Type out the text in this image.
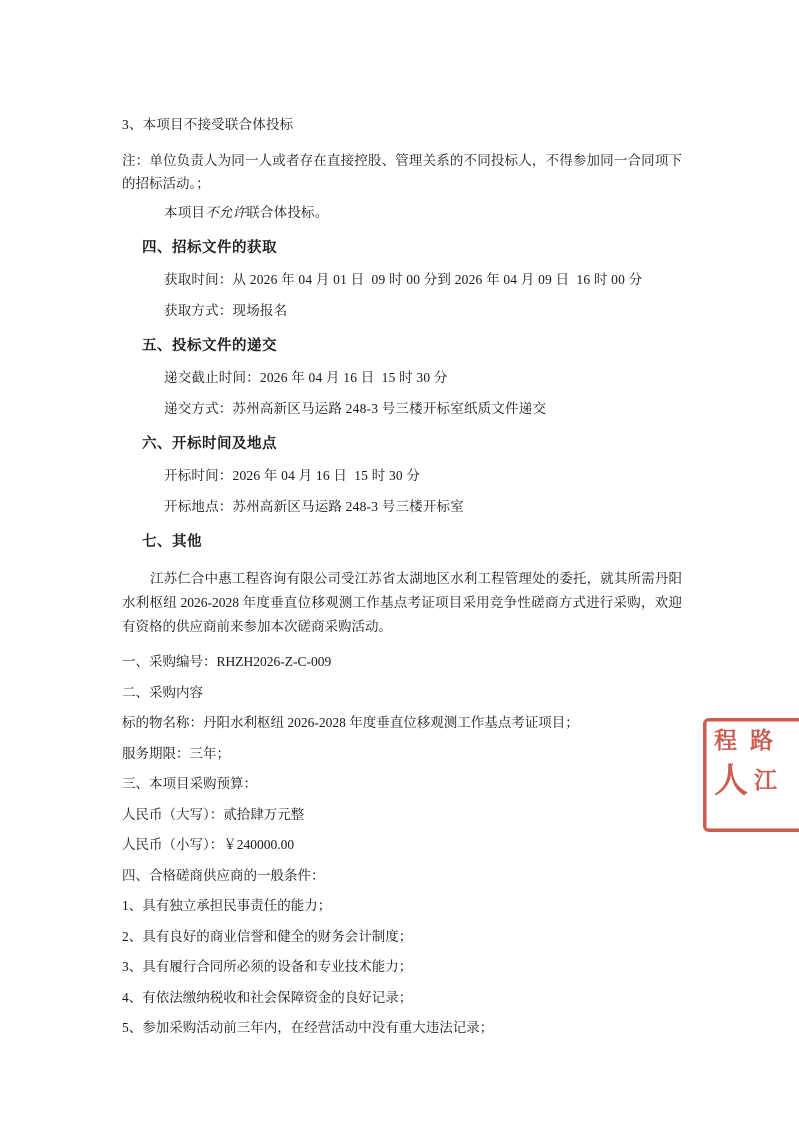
3、本项目不接受联合体投标

注：单位负责人为同一人或者存在直接控股、管理关系的不同投标人，不得参加同一合同项下的招标活动。；

本项目不允许联合体投标。

四、招标文件的获取

获取时间：从 2026 年 04 月 01 日  09 时 00 分到 2026 年 04 月 09 日  16 时 00 分

获取方式：现场报名

五、投标文件的递交

递交截止时间：2026 年 04 月 16 日  15 时 30 分

递交方式：苏州高新区马运路 248-3 号三楼开标室纸质文件递交

六、开标时间及地点

开标时间：2026 年 04 月 16 日  15 时 30 分

开标地点：苏州高新区马运路 248-3 号三楼开标室

七、其他

江苏仁合中惠工程咨询有限公司受江苏省太湖地区水利工程管理处的委托，就其所需丹阳水利枢纽 2026-2028 年度垂直位移观测工作基点考证项目采用竞争性磋商方式进行采购，欢迎有资格的供应商前来参加本次磋商采购活动。

一、采购编号：RHZH2026-Z-C-009

二、采购内容

标的物名称：丹阳水利枢纽 2026-2028 年度垂直位移观测工作基点考证项目；

服务期限：三年；

三、本项目采购预算：

人民币（大写）：贰拾肆万元整

人民币（小写）：￥240000.00

四、合格磋商供应商的一般条件：

1、具有独立承担民事责任的能力；

2、具有良好的商业信誉和健全的财务会计制度；

3、具有履行合同所必须的设备和专业技术能力；

4、有依法缴纳税收和社会保障资金的良好记录；

5、参加采购活动前三年内，在经营活动中没有重大违法记录；

程 路
人 江
